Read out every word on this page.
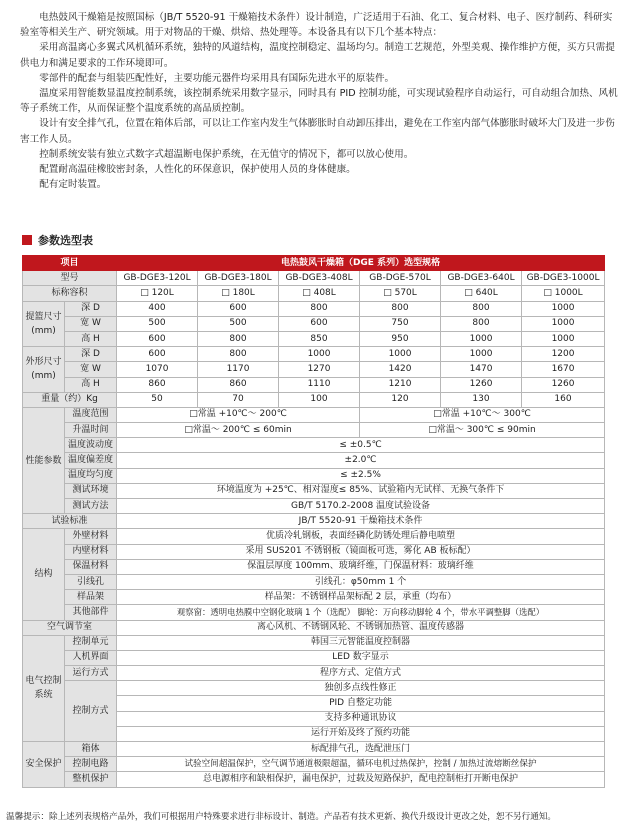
电热鼓风干燥箱是按照国标（JB/T 5520-91 干燥箱技术条件）设计制造，广泛适用于石油、化工、复合材料、电子、医疗制药、科研实验室等相关生产、研究领域。用于对物品的干燥、烘焙、热处理等。本设备具有以下几个基本特点：

采用高温离心多翼式风机循环系统，独特的风道结构，温度控制稳定、温场均匀。制造工艺规范，外型美观、操作维护方便，买方只需提供电力和满足要求的工作环境即可。

零部件的配套与组装匹配性好，主要功能元器件均采用具有国际先进水平的原装件。

温度采用智能数显温度控制系统，该控制系统采用数字显示，同时具有 PID 控制功能，可实现试验程序自动运行，可自动组合加热、风机等子系统工作，从而保证整个温度系统的高品质控制。

设计有安全排气孔，位置在箱体后部，可以让工作室内发生气体膨胀时自动卸压排出，避免在工作室内部气体膨胀时破坏大门及进一步伤害工作人员。

控制系统安装有独立式数字式超温断电保护系统，在无值守的情况下，都可以放心使用。

配置耐高温硅橡胶密封条，人性化的环保意识，保护使用人员的身体健康。

配有定时装置。

参数选型表
项目		电热鼓风干燥箱（DGE 系列）选型规格					
型号		GB-DGE3-120L	GB-DGE3-180L	GB-DGE3-408L	GB-DGE-570L	GB-DGE3-640L	GB-DGE3-1000L
标称容积		□ 120L	□ 180L	□ 408L	□ 570L	□ 640L	□ 1000L
提篮尺寸 (mm)	深 D	400	600	800	800	800	1000
	宽 W	500	500	600	750	800	1000
	高 H	600	800	850	950	1000	1000
外形尺寸 (mm)	深 D	600	800	1000	1000	1000	1200
	宽 W	1070	1170	1270	1420	1470	1670
	高 H	860	860	1110	1210	1260	1260
重量（约）Kg		50	70	100	120	130	160
性能参数	温度范围	□常温 +10℃～ 200℃			□常温 +10℃～ 300℃		
	升温时间	□常温～ 200℃ ≤ 60min			□常温～ 300℃ ≤ 90min		
	温度波动度	≤ ±0.5℃					
	温度偏差度	±2.0℃					
	温度均匀度	≤ ±2.5%					
	测试环境	环境温度为 +25℃、相对湿度≤ 85%、试验箱内无试样、无换气条件下					
	测试方法	GB/T 5170.2-2008 温度试验设备					
试验标准		JB/T 5520-91 干燥箱技术条件					
结构	外壁材料	优质冷轧钢板，表面经磷化防锈处理后静电喷塑					
	内壁材料	采用 SUS201 不锈钢板（镜面板可选，雾化 AB 板标配）					
	保温材料	保温层厚度 100mm、玻璃纤维，门保温材料：玻璃纤维					
	引线孔	引线孔：φ50mm 1 个					
	样品架	样品架：不锈钢样品架标配 2 层，承重（均布）					
	其他部件	观察窗：透明电热膜中空钢化玻璃 1 个（选配） 脚轮：万向移动脚轮 4 个，带水平调整脚（选配）					
空气调节室		离心风机、不锈钢风轮、不锈钢加热管、温度传感器					
电气控制系统	控制单元	韩国三元智能温度控制器					
	人机界面	LED 数字显示					
	运行方式	程序方式、定值方式					
	控制方式	独创多点线性修正					
		PID 自整定功能					
		支持多种通讯协议					
		运行开始及终了预约功能					
安全保护	箱体	标配排气孔，选配泄压门					
	控制电路	试验空间超温保护，空气调节通道极限超温，循环电机过热保护，控制 / 加热过流熔断丝保护					
	整机保护	总电源相序和缺相保护，漏电保护，过载及短路保护，配电控制柜打开断电保护					
温馨提示：除上述列表规格产品外，我们可根据用户特殊要求进行非标设计、制造。产品若有技术更新、换代升级设计更改之处，恕不另行通知。
